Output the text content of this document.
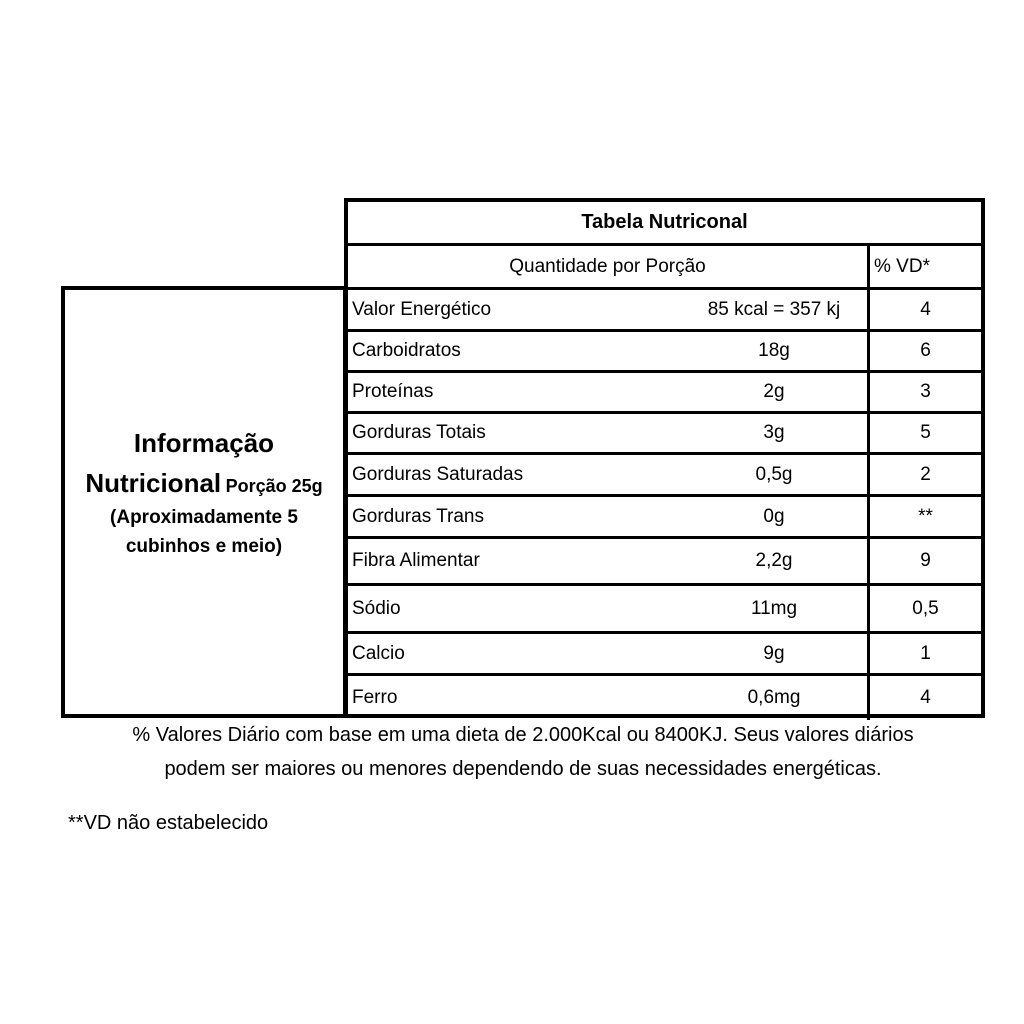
Informação
Nutricional Porção 25g
(Aproximadamente 5
cubinhos e meio)
Tabela Nutriconal
Quantidade por Porção	% VD*
Valor Energético	85 kcal = 357 kj	4
Carboidratos	18g	6
Proteínas	2g	3
Gorduras Totais	3g	5
Gorduras Saturadas	0,5g	2
Gorduras Trans	0g	**
Fibra Alimentar	2,2g	9
Sódio	11mg	0,5
Calcio	9g	1
Ferro	0,6mg	4
% Valores Diário com base em uma dieta de 2.000Kcal ou 8400KJ. Seus valores diários
podem ser maiores ou menores dependendo de suas necessidades energéticas.
**VD não estabelecido
